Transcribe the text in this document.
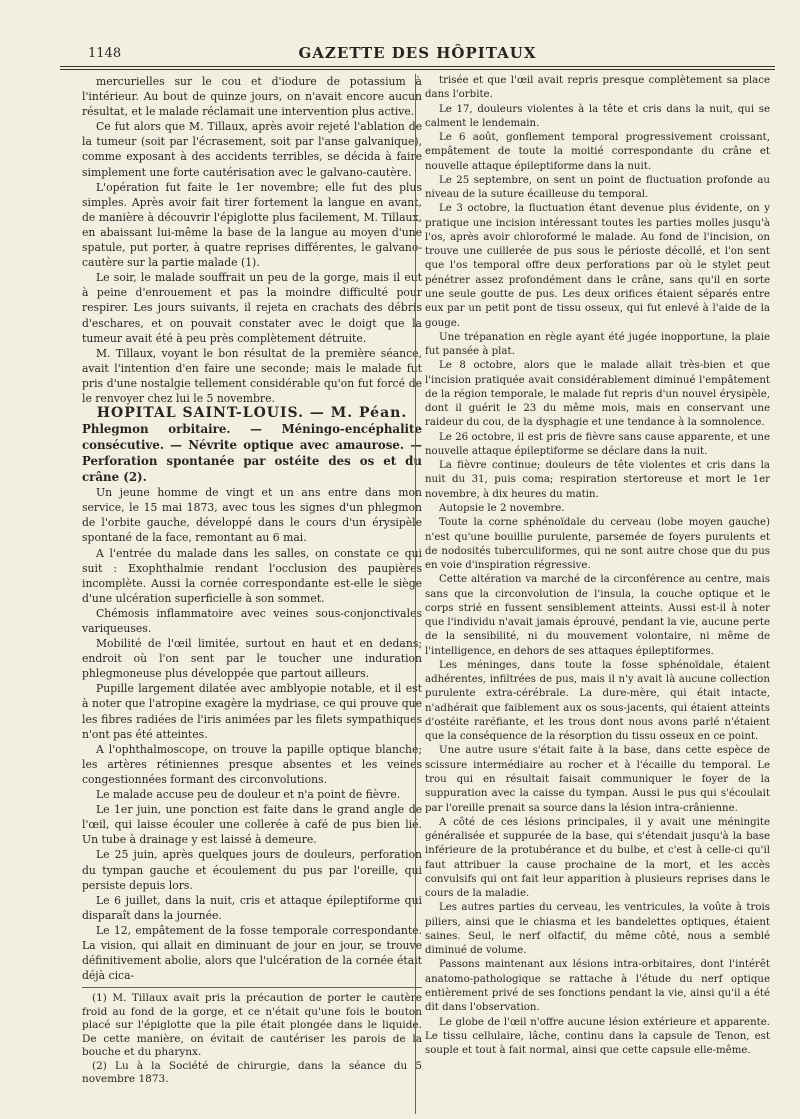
1148	GAZETTE DES HÔPITAUX

mercurielles sur le cou et d'iodure de potassium à l'intérieur. Au bout de quinze jours, on n'avait encore aucun résultat, et le malade réclamait une intervention plus active.

Ce fut alors que M. Tillaux, après avoir rejeté l'ablation de la tumeur (soit par l'écrasement, soit par l'anse galvanique), comme exposant à des accidents terribles, se décida à faire simplement une forte cautérisation avec le galvano-cautère.

L'opération fut faite le 1er novembre; elle fut des plus simples. Après avoir fait tirer fortement la langue en avant, de manière à découvrir l'épiglotte plus facilement, M. Tillaux, en abaissant lui-même la base de la langue au moyen d'une spatule, put porter, à quatre reprises différentes, le galvano-cautère sur la partie malade (1).

Le soir, le malade souffrait un peu de la gorge, mais il eut à peine d'enrouement et pas la moindre difficulté pour respirer. Les jours suivants, il rejeta en crachats des débris d'eschares, et on pouvait constater avec le doigt que la tumeur avait été à peu près complètement détruite.

M. Tillaux, voyant le bon résultat de la première séance, avait l'intention d'en faire une seconde; mais le malade fut pris d'une nostalgie tellement considérable qu'on fut forcé de le renvoyer chez lui le 5 novembre.

HOPITAL SAINT-LOUIS. — M. Péan.

Phlegmon orbitaire. — Méningo-encéphalite consécutive. — Névrite optique avec amaurose. — Perforation spontanée par ostéite des os et du crâne (2).

Un jeune homme de vingt et un ans entre dans mon service, le 15 mai 1873, avec tous les signes d'un phlegmon de l'orbite gauche, développé dans le cours d'un érysipèle spontané de la face, remontant au 6 mai.

A l'entrée du malade dans les salles, on constate ce qui suit : Exophthalmie rendant l'occlusion des paupières incomplète. Aussi la cornée correspondante est-elle le siège d'une ulcération superficielle à son sommet.

Chémosis inflammatoire avec veines sous-conjonctivales variqueuses.

Mobilité de l'œil limitée, surtout en haut et en dedans; endroit où l'on sent par le toucher une induration phlegmoneuse plus développée que partout ailleurs.

Pupille largement dilatée avec amblyopie notable, et il est à noter que l'atropine exagère la mydriase, ce qui prouve que les fibres radiées de l'iris animées par les filets sympathiques n'ont pas été atteintes.

A l'ophthalmoscope, on trouve la papille optique blanche; les artères rétiniennes presque absentes et les veines congestionnées formant des circonvolutions.

Le malade accuse peu de douleur et n'a point de fièvre.

Le 1er juin, une ponction est faite dans le grand angle de l'œil, qui laisse écouler une collerée à café de pus bien lié. Un tube à drainage y est laissé à demeure.

Le 25 juin, après quelques jours de douleurs, perforation du tympan gauche et écoulement du pus par l'oreille, qui persiste depuis lors.

Le 6 juillet, dans la nuit, cris et attaque épileptiforme qui disparaît dans la journée.

Le 12, empâtement de la fosse temporale correspondante. La vision, qui allait en diminuant de jour en jour, se trouve définitivement abolie, alors que l'ulcération de la cornée était déjà cica-

(1) M. Tillaux avait pris la précaution de porter le cautère froid au fond de la gorge, et ce n'était qu'une fois le bouton placé sur l'épiglotte que la pile était plongée dans le liquide. De cette manière, on évitait de cautériser les parois de la bouche et du pharynx.

(2) Lu à la Société de chirurgie, dans la séance du 5 novembre 1873.

trisée et que l'œil avait repris presque complètement sa place dans l'orbite.

Le 17, douleurs violentes à la tête et cris dans la nuit, qui se calment le lendemain.

Le 6 août, gonflement temporal progressivement croissant, empâtement de toute la moitié correspondante du crâne et nouvelle attaque épileptiforme dans la nuit.

Le 25 septembre, on sent un point de fluctuation profonde au niveau de la suture écailleuse du temporal.

Le 3 octobre, la fluctuation étant devenue plus évidente, on y pratique une incision intéressant toutes les parties molles jusqu'à l'os, après avoir chloroformé le malade. Au fond de l'incision, on trouve une cuillerée de pus sous le périoste décollé, et l'on sent que l'os temporal offre deux perforations par où le stylet peut pénétrer assez profondément dans le crâne, sans qu'il en sorte une seule goutte de pus. Les deux orifices étaient séparés entre eux par un petit pont de tissu osseux, qui fut enlevé à l'aide de la gouge.

Une trépanation en règle ayant été jugée inopportune, la plaie fut pansée à plat.

Le 8 octobre, alors que le malade allait très-bien et que l'incision pratiquée avait considérablement diminué l'empâtement de la région temporale, le malade fut repris d'un nouvel érysipèle, dont il guérit le 23 du même mois, mais en conservant une raideur du cou, de la dysphagie et une tendance à la somnolence.

Le 26 octobre, il est pris de fièvre sans cause apparente, et une nouvelle attaque épileptiforme se déclare dans la nuit.

La fièvre continue; douleurs de tête violentes et cris dans la nuit du 31, puis coma; respiration stertoreuse et mort le 1er novembre, à dix heures du matin.

Autopsie le 2 novembre.

Toute la corne sphénoïdale du cerveau (lobe moyen gauche) n'est qu'une bouillie purulente, parsemée de foyers purulents et de nodosités tuberculiformes, qui ne sont autre chose que du pus en voie d'inspiration régressive.

Cette altération va marché de la circonférence au centre, mais sans que la circonvolution de l'insula, la couche optique et le corps strié en fussent sensiblement atteints. Aussi est-il à noter que l'individu n'avait jamais éprouvé, pendant la vie, aucune perte de la sensibilité, ni du mouvement volontaire, ni même de l'intelligence, en dehors de ses attaques épileptiformes.

Les méninges, dans toute la fosse sphénoïdale, étaient adhérentes, infiltrées de pus, mais il n'y avait là aucune collection purulente extra-cérébrale. La dure-mère, qui était intacte, n'adhérait que faiblement aux os sous-jacents, qui étaient atteints d'ostéite raréfiante, et les trous dont nous avons parlé n'étaient que la conséquence de la résorption du tissu osseux en ce point.

Une autre usure s'était faite à la base, dans cette espèce de scissure intermédiaire au rocher et à l'écaille du temporal. Le trou qui en résultait faisait communiquer le foyer de la suppuration avec la caisse du tympan. Aussi le pus qui s'écoulait par l'oreille prenait sa source dans la lésion intra-crânienne.

A côté de ces lésions principales, il y avait une méningite généralisée et suppurée de la base, qui s'étendait jusqu'à la base inférieure de la protubérance et du bulbe, et c'est à celle-ci qu'il faut attribuer la cause prochaine de la mort, et les accès convulsifs qui ont fait leur apparition à plusieurs reprises dans le cours de la maladie.

Les autres parties du cerveau, les ventricules, la voûte à trois piliers, ainsi que le chiasma et les bandelettes optiques, étaient saines. Seul, le nerf olfactif, du même côté, nous a semblé diminué de volume.

Passons maintenant aux lésions intra-orbitaires, dont l'intérêt anatomo-pathologique se rattache à l'étude du nerf optique entièrement privé de ses fonctions pendant la vie, ainsi qu'il a été dit dans l'observation.

Le globe de l'œil n'offre aucune lésion extérieure et apparente. Le tissu cellulaire, lâche, continu dans la capsule de Tenon, est souple et tout à fait normal, ainsi que cette capsule elle-même.
